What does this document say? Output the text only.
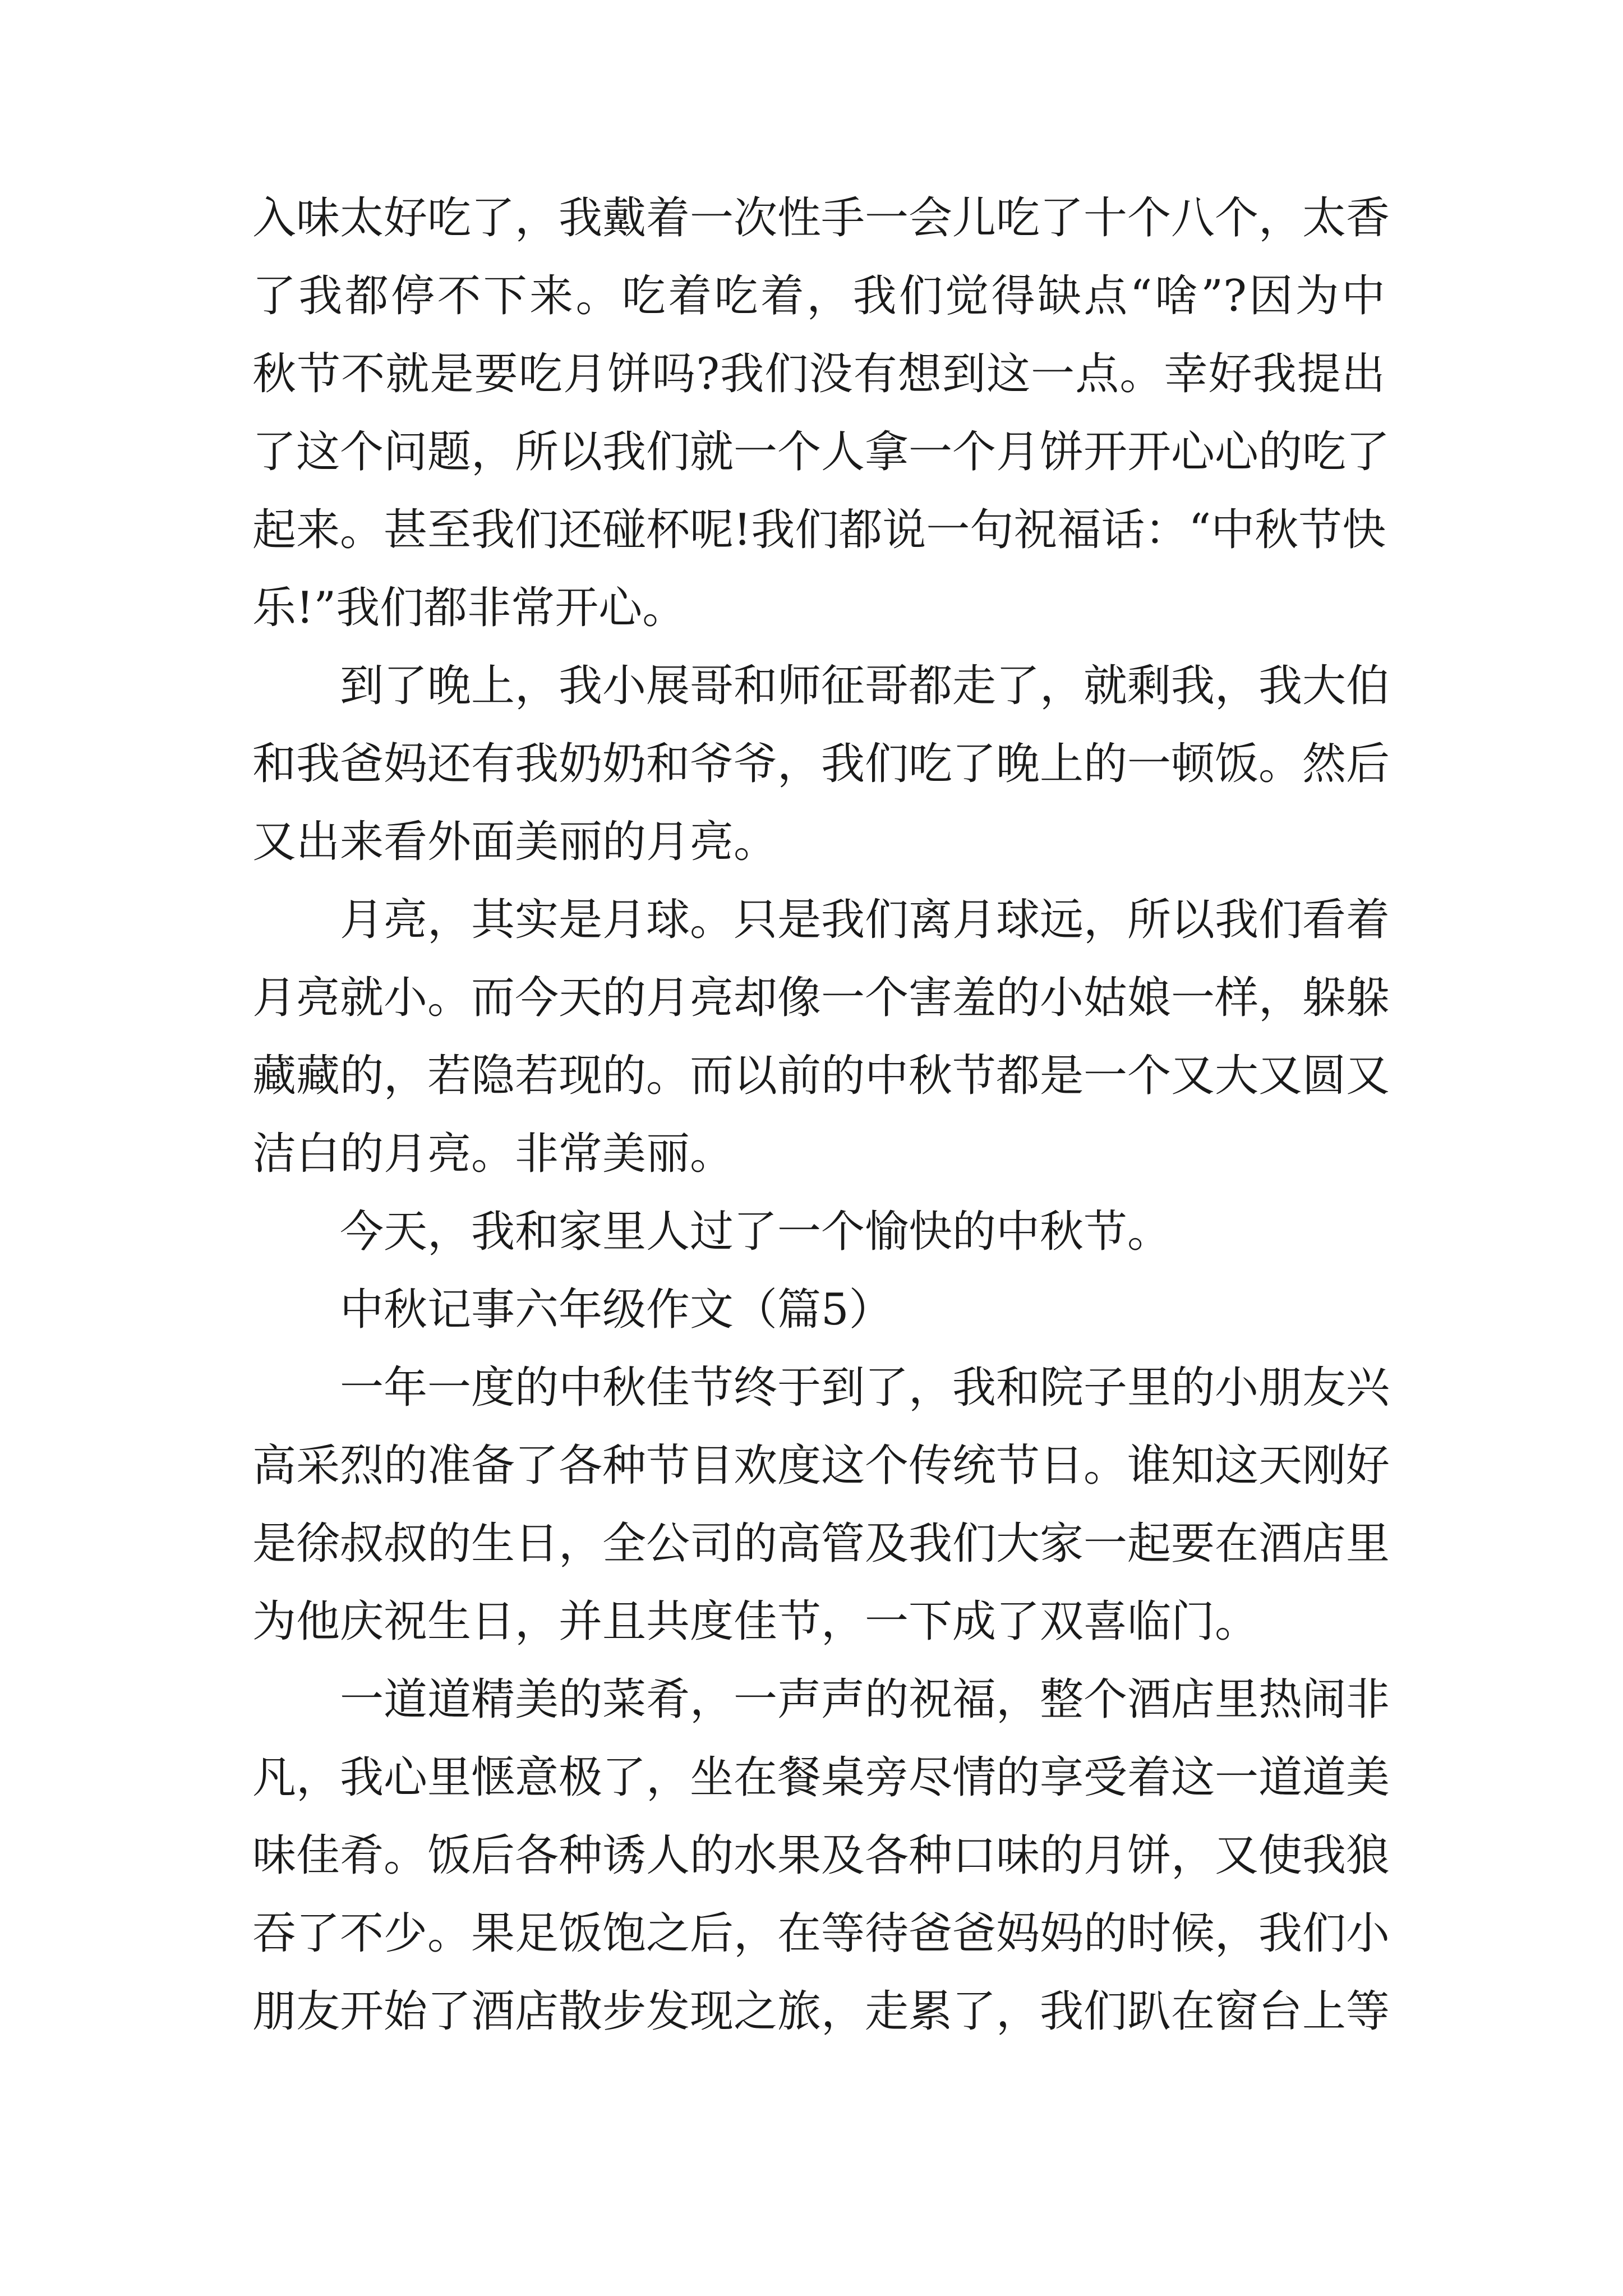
入味太好吃了，我戴着一次性手一会儿吃了十个八个，太香
了我都停不下来。吃着吃着，我们觉得缺点“啥”?因为中
秋节不就是要吃月饼吗?我们没有想到这一点。幸好我提出
了这个问题，所以我们就一个人拿一个月饼开开心心的吃了
起来。甚至我们还碰杯呢!我们都说一句祝福话：“中秋节快
乐!”我们都非常开心。
到了晚上，我小展哥和师征哥都走了，就剩我，我大伯
和我爸妈还有我奶奶和爷爷，我们吃了晚上的一顿饭。然后
又出来看外面美丽的月亮。
月亮，其实是月球。只是我们离月球远，所以我们看着
月亮就小。而今天的月亮却像一个害羞的小姑娘一样，躲躲
藏藏的，若隐若现的。而以前的中秋节都是一个又大又圆又
洁白的月亮。非常美丽。
今天，我和家里人过了一个愉快的中秋节。
中秋记事六年级作文（篇5）
一年一度的中秋佳节终于到了，我和院子里的小朋友兴
高采烈的准备了各种节目欢度这个传统节日。谁知这天刚好
是徐叔叔的生日，全公司的高管及我们大家一起要在酒店里
为他庆祝生日，并且共度佳节，一下成了双喜临门。
一道道精美的菜肴，一声声的祝福，整个酒店里热闹非
凡，我心里惬意极了，坐在餐桌旁尽情的享受着这一道道美
味佳肴。饭后各种诱人的水果及各种口味的月饼，又使我狼
吞了不少。果足饭饱之后，在等待爸爸妈妈的时候，我们小
朋友开始了酒店散步发现之旅，走累了，我们趴在窗台上等
